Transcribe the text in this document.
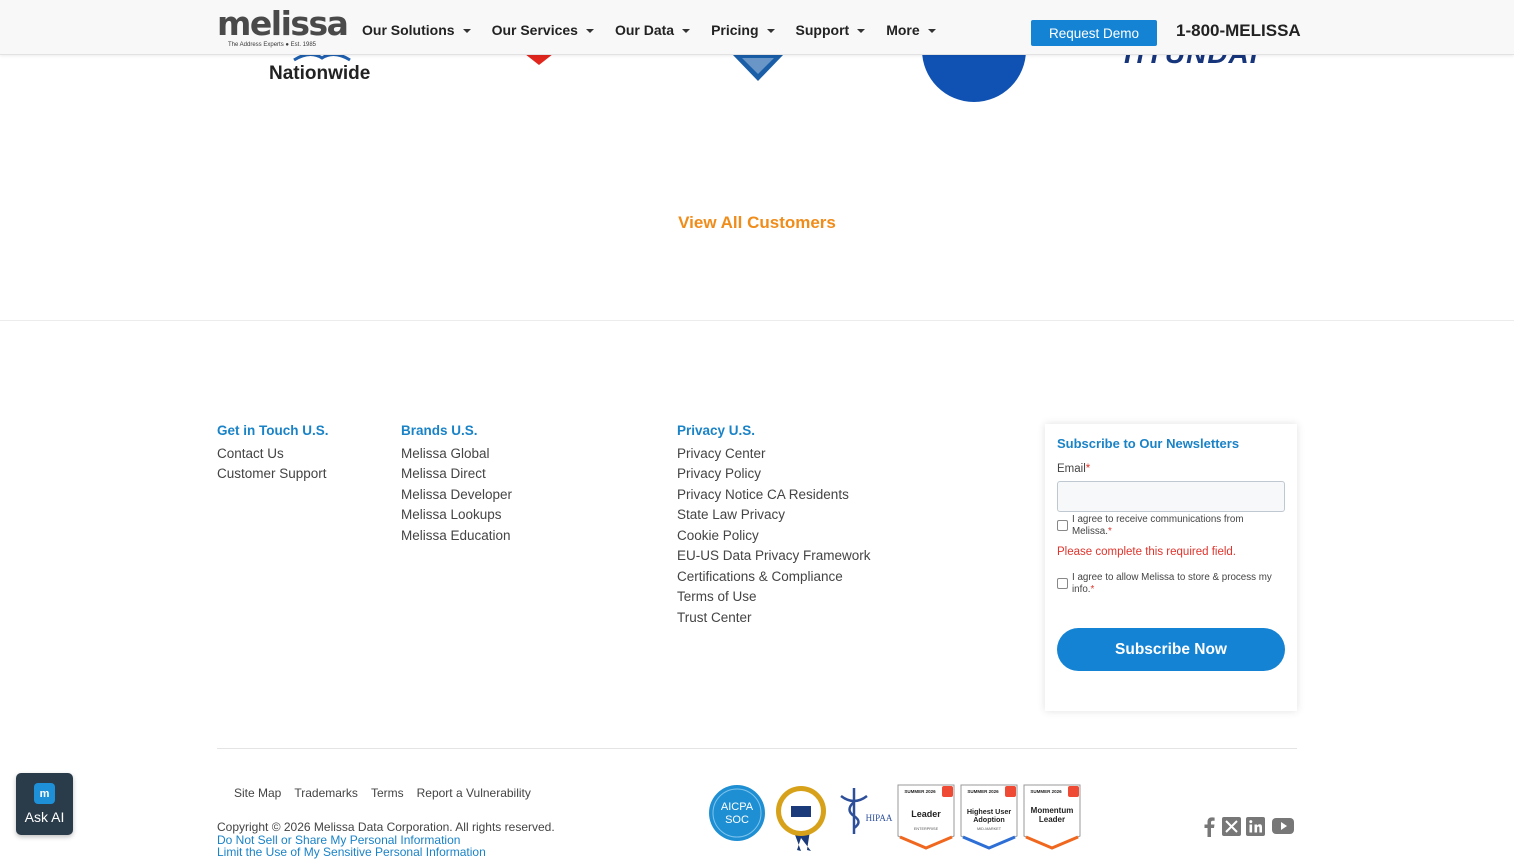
melissa
The Address Experts ● Est. 1985
Our Solutions	Our Services	Our Data	Pricing	Support	More	Request Demo	1-800-MELISSA
Nationwide
View All Customers
Get in Touch U.S.
Contact Us
Customer Support
Brands U.S.
Melissa Global
Melissa Direct
Melissa Developer
Melissa Lookups
Melissa Education
Privacy U.S.
Privacy Center
Privacy Policy
Privacy Notice CA Residents
State Law Privacy
Cookie Policy
EU-US Data Privacy Framework
Certifications & Compliance
Terms of Use
Trust Center
Subscribe to Our Newsletters
Email*
I agree to receive communications from Melissa.*
Please complete this required field.
I agree to allow Melissa to store & process my info.*
Subscribe Now
Site Map Trademarks Terms Report a Vulnerability
Copyright © 2026 Melissa Data Corporation. All rights reserved.
Do Not Sell or Share My Personal Information
Limit the Use of My Sensitive Personal Information
AICPA
SOC	HIPAA
SUMMER 2026
Leader
ENTERPRISE
SUMMER 2026
Highest User
Adoption
MID-MARKET
SUMMER 2026
Momentum
Leader
m
Ask AI
